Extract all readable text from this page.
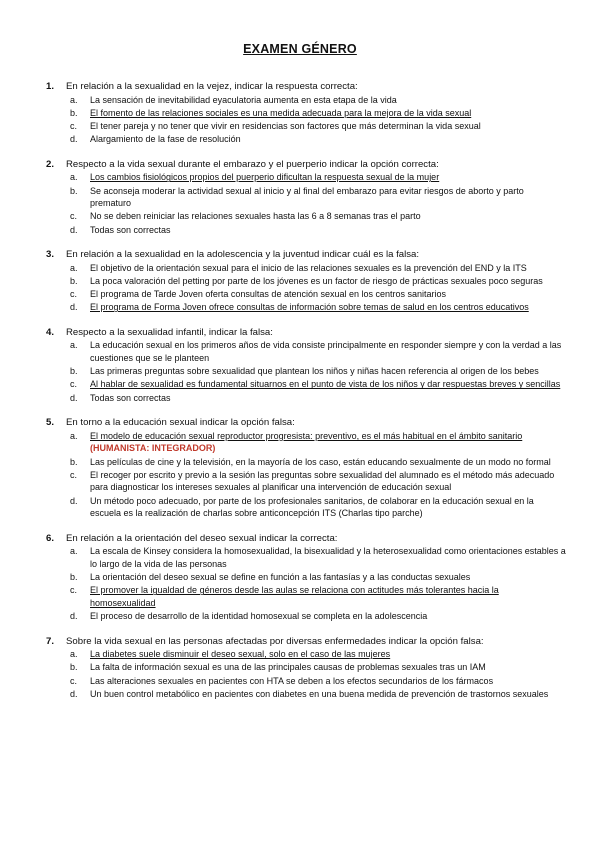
EXAMEN GÉNERO
1.	En relación a la sexualidad en la vejez, indicar la respuesta correcta:
a.	La sensación de inevitabilidad eyaculatoria aumenta en esta etapa de la vida
b.	El fomento de las relaciones sociales es una medida adecuada para la mejora de la vida sexual
c.	El tener pareja y no tener que vivir en residencias son factores que más determinan la vida sexual
d.	Alargamiento de la fase de resolución
2.	Respecto a la vida sexual durante el embarazo y el puerperio indicar la opción correcta:
a.	Los cambios fisiológicos propios del puerperio dificultan la respuesta sexual de la mujer
b.	Se aconseja moderar la actividad sexual al inicio y al final del embarazo para evitar riesgos de aborto y parto prematuro
c.	No se deben reiniciar las relaciones sexuales hasta las 6 a 8 semanas tras el parto
d.	Todas son correctas
3.	En relación a la sexualidad en la adolescencia y la juventud indicar cuál es la falsa:
a.	El objetivo de la orientación sexual para el inicio de las relaciones sexuales es la prevención del END y la ITS
b.	La poca valoración del petting por parte de los jóvenes es un factor de riesgo de prácticas sexuales poco seguras
c.	El programa de Tarde Joven oferta consultas de atención sexual en los centros sanitarios
d.	El programa de Forma Joven ofrece consultas de información sobre temas de salud en los centros educativos
4.	Respecto a la sexualidad infantil, indicar la falsa:
a.	La educación sexual en los primeros años de vida consiste principalmente en responder siempre y con la verdad a las cuestiones que se le planteen
b.	Las primeras preguntas sobre sexualidad que plantean los niños y niñas hacen referencia al origen de los bebes
c.	Al hablar de sexualidad es fundamental situarnos en el punto de vista de los niños y dar respuestas breves y sencillas
d.	Todas son correctas
5.	En torno a la educación sexual indicar la opción falsa:
a.	El modelo de educación sexual reproductor progresista: preventivo, es el más habitual en el ámbito sanitario
(HUMANISTA: INTEGRADOR)
b.	Las películas de cine y la televisión, en la mayoría de los caso, están educando sexualmente de un modo no formal
c.	El recoger por escrito y previo a la sesión las preguntas sobre sexualidad del alumnado es el método más adecuado para diagnosticar los intereses sexuales al planificar una intervención de educación sexual
d.	Un método poco adecuado, por parte de los profesionales sanitarios, de colaborar en la educación sexual en la escuela es la realización de charlas sobre anticoncepción ITS (Charlas tipo parche)
6.	En relación a la orientación del deseo sexual indicar la correcta:
a.	La escala de Kinsey considera la homosexualidad, la bisexualidad y la heterosexualidad como orientaciones estables a lo largo de la vida de las personas
b.	La orientación del deseo sexual se define en función a las fantasías y a las conductas sexuales
c.	El promover la igualdad de géneros desde las aulas se relaciona con actitudes más tolerantes hacia la homosexualidad
d.	El proceso de desarrollo de la identidad homosexual se completa en la adolescencia
7.	Sobre la vida sexual en las personas afectadas por diversas enfermedades indicar la opción falsa:
a.	La diabetes suele disminuir el deseo sexual, solo en el caso de las mujeres
b.	La falta de información sexual es una de las principales causas de problemas sexuales tras un IAM
c.	Las alteraciones sexuales en pacientes con HTA se deben a los efectos secundarios de los fármacos
d.	Un buen control metabólico en pacientes con diabetes en una buena medida de prevención de trastornos sexuales
